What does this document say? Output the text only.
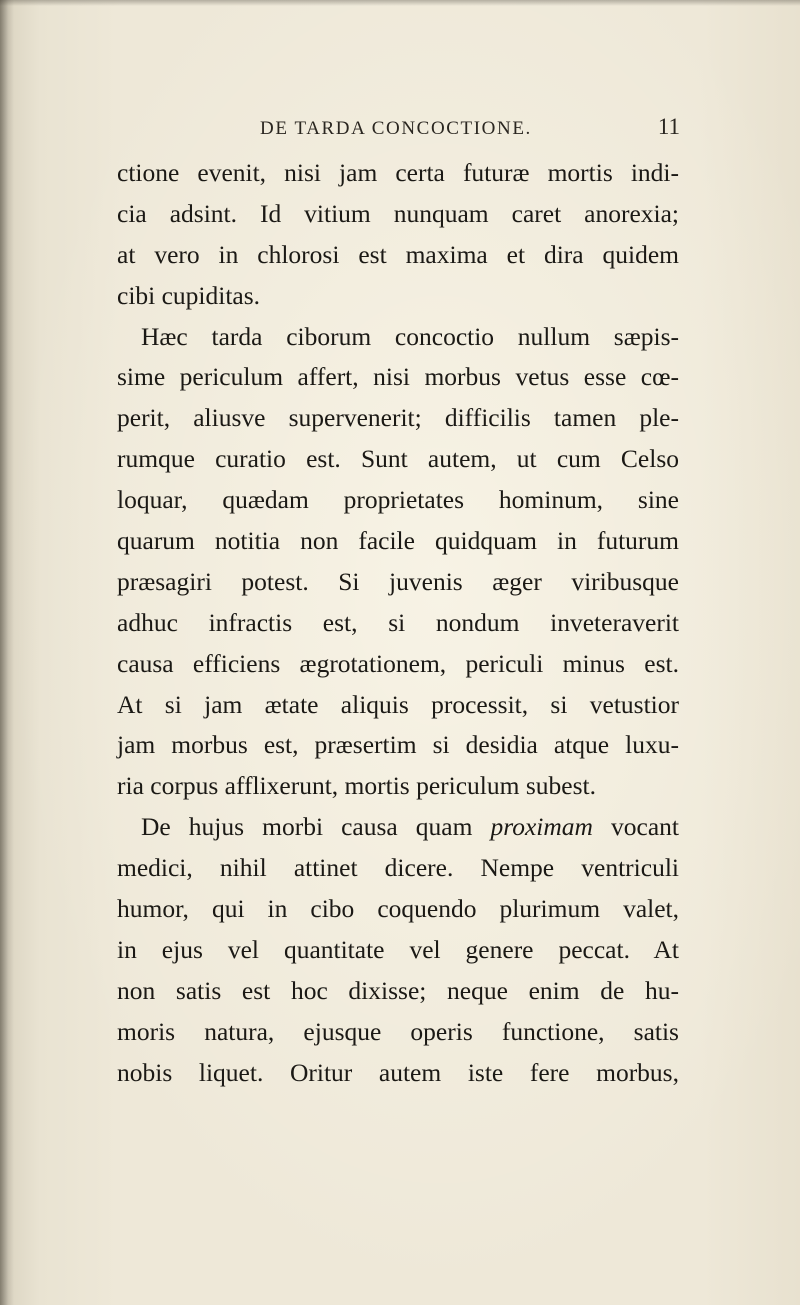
DE TARDA CONCOCTIONE.	11
ctione evenit, nisi jam certa futuræ mortis indi-
cia adsint. Id vitium nunquam caret anorexia;
at vero in chlorosi est maxima et dira quidem
cibi cupiditas.
Hæc tarda ciborum concoctio nullum sæpis-
sime periculum affert, nisi morbus vetus esse cœ-
perit, aliusve supervenerit; difficilis tamen ple-
rumque curatio est. Sunt autem, ut cum Celso
loquar, quædam proprietates hominum, sine
quarum notitia non facile quidquam in futurum
præsagiri potest. Si juvenis æger viribusque
adhuc infractis est, si nondum inveteraverit
causa efficiens ægrotationem, periculi minus est.
At si jam ætate aliquis processit, si vetustior
jam morbus est, præsertim si desidia atque luxu-
ria corpus afflixerunt, mortis periculum subest.
De hujus morbi causa quam proximam vocant
medici, nihil attinet dicere. Nempe ventriculi
humor, qui in cibo coquendo plurimum valet,
in ejus vel quantitate vel genere peccat. At
non satis est hoc dixisse; neque enim de hu-
moris natura, ejusque operis functione, satis
nobis liquet. Oritur autem iste fere morbus,
